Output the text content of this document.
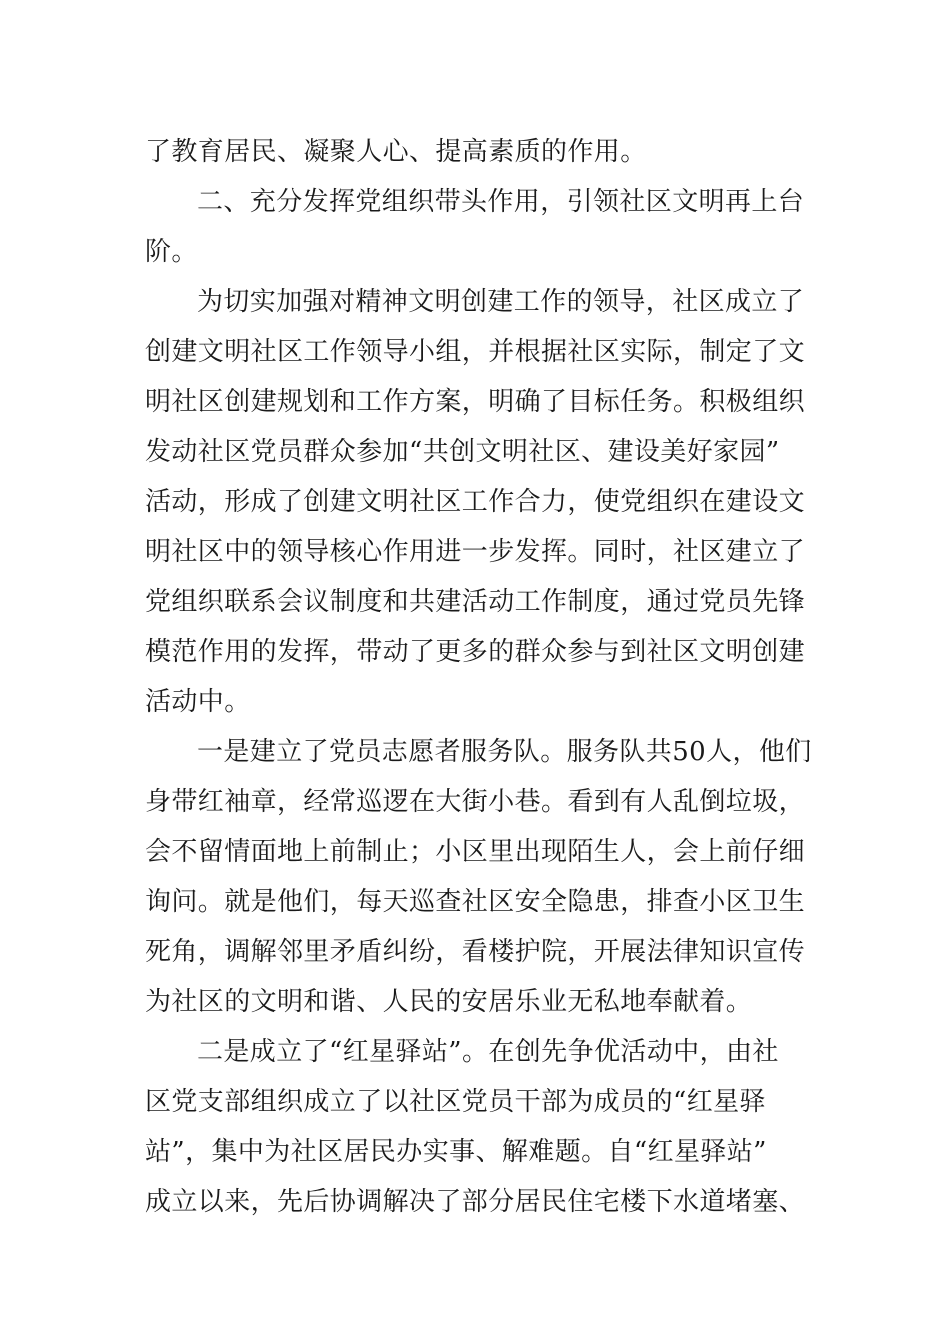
了教育居民、凝聚人心、提高素质的作用。
二、充分发挥党组织带头作用，引领社区文明再上台
阶。
为切实加强对精神文明创建工作的领导，社区成立了
创建文明社区工作领导小组，并根据社区实际，制定了文
明社区创建规划和工作方案，明确了目标任务。积极组织
发动社区党员群众参加“共创文明社区、建设美好家园”
活动，形成了创建文明社区工作合力，使党组织在建设文
明社区中的领导核心作用进一步发挥。同时，社区建立了
党组织联系会议制度和共建活动工作制度，通过党员先锋
模范作用的发挥，带动了更多的群众参与到社区文明创建
活动中。
一是建立了党员志愿者服务队。服务队共50人，他们
身带红袖章，经常巡逻在大街小巷。看到有人乱倒垃圾，
会不留情面地上前制止；小区里出现陌生人，会上前仔细
询问。就是他们，每天巡查社区安全隐患，排查小区卫生
死角，调解邻里矛盾纠纷，看楼护院，开展法律知识宣传
为社区的文明和谐、人民的安居乐业无私地奉献着。
二是成立了“红星驿站”。在创先争优活动中，由社
区党支部组织成立了以社区党员干部为成员的“红星驿
站”，集中为社区居民办实事、解难题。自“红星驿站”
成立以来，先后协调解决了部分居民住宅楼下水道堵塞、
